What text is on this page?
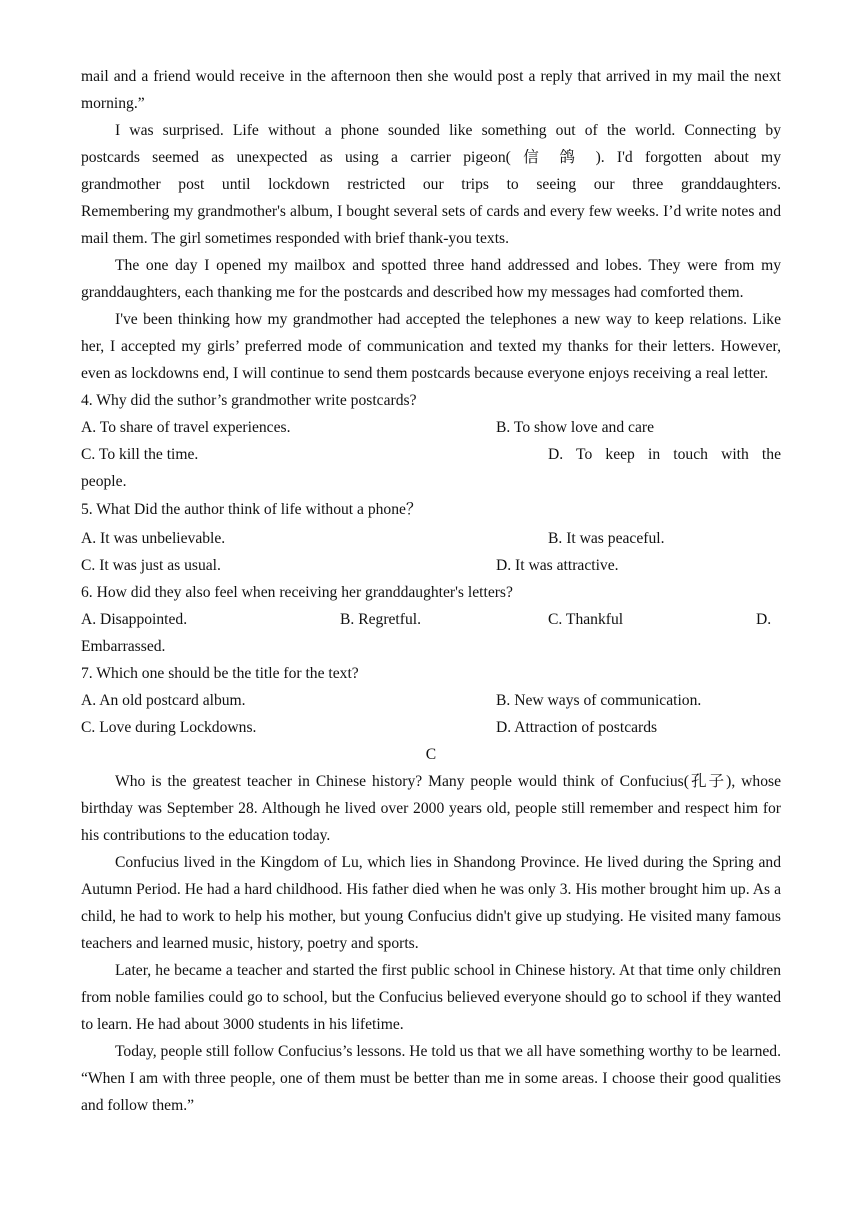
mail and a friend would receive in the afternoon then she would post a reply that arrived in my mail the next morning.”

I was surprised. Life without a phone sounded like something out of the world. Connecting by

postcards seemed as unexpected as using a carrier pigeon( 信 鸽 ). I'd forgotten about my

grandmother post until lockdown restricted our trips to seeing our three granddaughters.

Remembering my grandmother's album, I bought several sets of cards and every few weeks. I’d write notes and mail them. The girl sometimes responded with brief thank-you texts.

The one day I opened my mailbox and spotted three hand addressed and lobes. They were from my granddaughters, each thanking me for the postcards and described how my messages had comforted them.

I've been thinking how my grandmother had accepted the telephones a new way to keep relations. Like her, I accepted my girls’ preferred mode of communication and texted my thanks for their letters. However, even as lockdowns end, I will continue to send them postcards because everyone enjoys receiving a real letter.

4. Why did the suthor’s grandmother write postcards?

A. To share of travel experiences.	B. To show love and care
C. To kill the time.	D. To keep in touch with the

people.

5. What Did the author think of life without a phone？

A. It was unbelievable.	B. It was peaceful.
C. It was just as usual.	D. It was attractive.

6. How did they also feel when receiving her granddaughter's letters?

A. Disappointed.	B. Regretful.	C. Thankful	D.

Embarrassed.

7. Which one should be the title for the text?

A. An old postcard album.	B. New ways of communication.
C. Love during Lockdowns.	D. Attraction of postcards

C

Who is the greatest teacher in Chinese history? Many people would think of Confucius(孔子), whose birthday was September 28. Although he lived over 2000 years old, people still remember and respect him for his contributions to the education today.

Confucius lived in the Kingdom of Lu, which lies in Shandong Province. He lived during the Spring and Autumn Period. He had a hard childhood. His father died when he was only 3. His mother brought him up. As a child, he had to work to help his mother, but young Confucius didn't give up studying. He visited many famous teachers and learned music, history, poetry and sports.

Later, he became a teacher and started the first public school in Chinese history. At that time only children from noble families could go to school, but the Confucius believed everyone should go to school if they wanted to learn. He had about 3000 students in his lifetime.

Today, people still follow Confucius’s lessons. He told us that we all have something worthy to be learned. “When I am with three people, one of them must be better than me in some areas. I choose their good qualities and follow them.”
